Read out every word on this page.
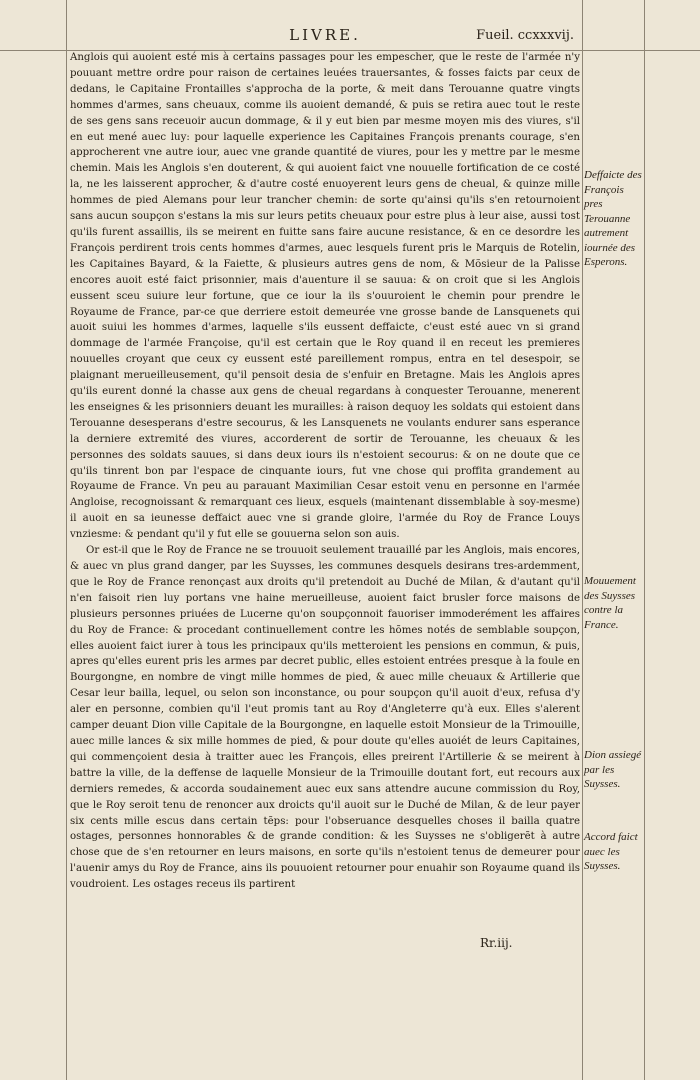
LIVRE.	Fueil. ccxxxvij.

Anglois qui auoient esté mis à certains passages pour les empescher, que le reste de l'armée n'y pouuant mettre ordre pour raison de certaines leuées trauersantes, & fosses faicts par ceux de dedans, le Capitaine Frontailles s'approcha de la porte, & meit dans Terouanne quatre vingts hommes d'armes, sans cheuaux, comme ils auoient demandé, & puis se retira auec tout le reste de ses gens sans receuoir aucun dommage, & il y eut bien par mesme moyen mis des viures, s'il en eut mené auec luy: pour laquelle experience les Capitaines François prenants courage, s'en approcherent vne autre iour, auec vne grande quantité de viures, pour les y mettre par le mesme chemin. Mais les Anglois s'en douterent, & qui auoient faict vne nouuelle fortification de ce costé la, ne les laisserent approcher, & d'autre costé enuoyerent leurs gens de cheual, & quinze mille hommes de pied Alemans pour leur trancher chemin: de sorte qu'ainsi qu'ils s'en retournoient sans aucun soupçon s'estans la mis sur leurs petits cheuaux pour estre plus à leur aise, aussi tost qu'ils furent assaillis, ils se meirent en fuitte sans faire aucune resistance, & en ce desordre les François perdirent trois cents hommes d'armes, auec lesquels furent pris le Marquis de Rotelin, les Capitaines Bayard, & la Faiette, & plusieurs autres gens de nom, & Mõsieur de la Palisse encores auoit esté faict prisonnier, mais d'auenture il se sauua: & on croit que si les Anglois eussent sceu suiure leur fortune, que ce iour la ils s'ouuroient le chemin pour prendre le Royaume de France, par-ce que derriere estoit demeurée vne grosse bande de Lansquenets qui auoit suiui les hommes d'armes, laquelle s'ils eussent deffaicte, c'eust esté auec vn si grand dommage de l'armée Françoise, qu'il est certain que le Roy quand il en receut les premieres nouuelles croyant que ceux cy eussent esté pareillement rompus, entra en tel desespoir, se plaignant merueilleusement, qu'il pensoit desia de s'enfuir en Bretagne. Mais les Anglois apres qu'ils eurent donné la chasse aux gens de cheual regardans à conquester Terouanne, menerent les enseignes & les prisonniers deuant les murailles: à raison dequoy les soldats qui estoient dans Terouanne desesperans d'estre secourus, & les Lansquenets ne voulants endurer sans esperance la derniere extremité des viures, accorderent de sortir de Terouanne, les cheuaux & les personnes des soldats sauues, si dans deux iours ils n'estoient secourus: & on ne doute que ce qu'ils tinrent bon par l'espace de cinquante iours, fut vne chose qui proffita grandement au Royaume de France. Vn peu au parauant Maximilian Cesar estoit venu en personne en l'armée Angloise, recognoissant & remarquant ces lieux, esquels (maintenant dissemblable à soy-mesme) il auoit en sa ieunesse deffaict auec vne si grande gloire, l'armée du Roy de France Louys vnziesme: & pendant qu'il y fut elle se gouuerna selon son auis.

Or est-il que le Roy de France ne se trouuoit seulement trauaillé par les Anglois, mais encores, & auec vn plus grand danger, par les Suysses, les communes desquels desirans tres-ardemment, que le Roy de France renonçast aux droits qu'il pretendoit au Duché de Milan, & d'autant qu'il n'en faisoit rien luy portans vne haine merueilleuse, auoient faict brusler force maisons de plusieurs personnes priuées de Lucerne qu'on soupçonnoit fauoriser immoderément les affaires du Roy de France: & procedant continuellement contre les hõmes notés de semblable soupçon, elles auoient faict iurer à tous les principaux qu'ils metteroient les pensions en commun, & puis, apres qu'elles eurent pris les armes par decret public, elles estoient entrées presque à la foule en Bourgongne, en nombre de vingt mille hommes de pied, & auec mille cheuaux & Artillerie que Cesar leur bailla, lequel, ou selon son inconstance, ou pour soupçon qu'il auoit d'eux, refusa d'y aler en personne, combien qu'il l'eut promis tant au Roy d'Angleterre qu'à eux. Elles s'alerent camper deuant Dion ville Capitale de la Bourgongne, en laquelle estoit Monsieur de la Trimouille, auec mille lances & six mille hommes de pied, & pour doute qu'elles auoiét de leurs Capitaines, qui commençoient desia à traitter auec les François, elles preirent l'Artillerie & se meirent à battre la ville, de la deffense de laquelle Monsieur de la Trimouille doutant fort, eut recours aux derniers remedes, & accorda soudainement auec eux sans attendre aucune commission du Roy, que le Roy seroit tenu de renoncer aux droicts qu'il auoit sur le Duché de Milan, & de leur payer six cents mille escus dans certain tẽps: pour l'obseruance desquelles choses il bailla quatre ostages, personnes honnorables & de grande condition: & les Suysses ne s'obligerẽt à autre chose que de s'en retourner en leurs maisons, en sorte qu'ils n'estoient tenus de demeurer pour l'auenir amys du Roy de France, ains ils pouuoient retourner pour enuahir son Royaume quand ils voudroient. Les ostages receus ils partirent

Deffaicte des François pres Terouanne autrement iournée des Esperons.
Mouuement des Suysses contre la France.
Dion assiegé par les Suysses.
Accord faict auec les Suysses.
Rr.iij.
